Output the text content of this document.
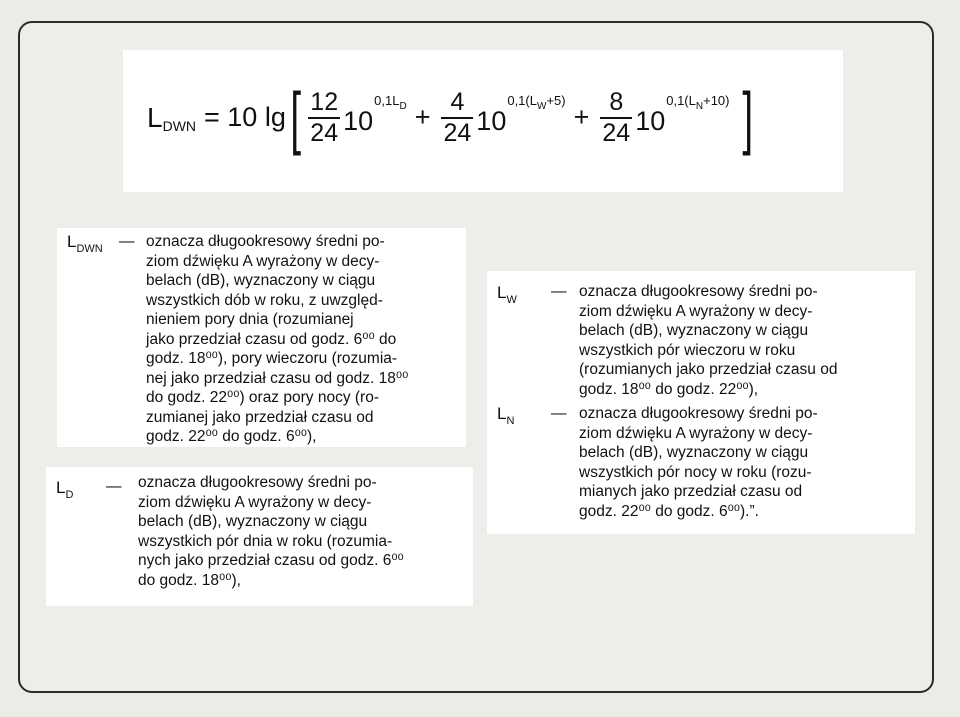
L DWN = 10 lg [ $\frac{12}{24} 10$
$0,1L_D + \frac{4}{24} 10$
$0,1(L_W+5)$
+ $\frac{8}{24} 10$
$0,1(L_N+10)$ ]
$L_{DWN}$ — oznacza długookresowy średni po-
ziom dźwięku A wyrażony w decy-
belach (dB), wyznaczony w ciągu
wszystkich dób w roku, z uwzględ-
nieniem pory dnia (rozumianej
jako przedział czasu od godz. 6⁰⁰ do
godz. 18⁰⁰), pory wieczoru (rozumia-
nej jako przedział czasu od godz. 18⁰⁰
do godz. 22⁰⁰) oraz pory nocy (ro-
zumianej jako przedział czasu od
godz. 22⁰⁰ do godz. 6⁰⁰),
$L_D$ — oznacza długookresowy średni po-
ziom dźwięku A wyrażony w decy-
belach (dB), wyznaczony w ciągu
wszystkich pór dnia w roku (rozumia-
nych jako przedział czasu od godz. 6⁰⁰
do godz. 18⁰⁰),
$L_W$ — oznacza długookresowy średni po-
ziom dźwięku A wyrażony w decy-
belach (dB), wyznaczony w ciągu
wszystkich pór wieczoru w roku
(rozumianych jako przedział czasu od
godz. 18⁰⁰ do godz. 22⁰⁰),
$L_N$ — oznacza długookresowy średni po-
ziom dźwięku A wyrażony w decy-
belach (dB), wyznaczony w ciągu
wszystkich pór nocy w roku (rozu-
mianych jako przedział czasu od
godz. 22⁰⁰ do godz. 6⁰⁰).”.
